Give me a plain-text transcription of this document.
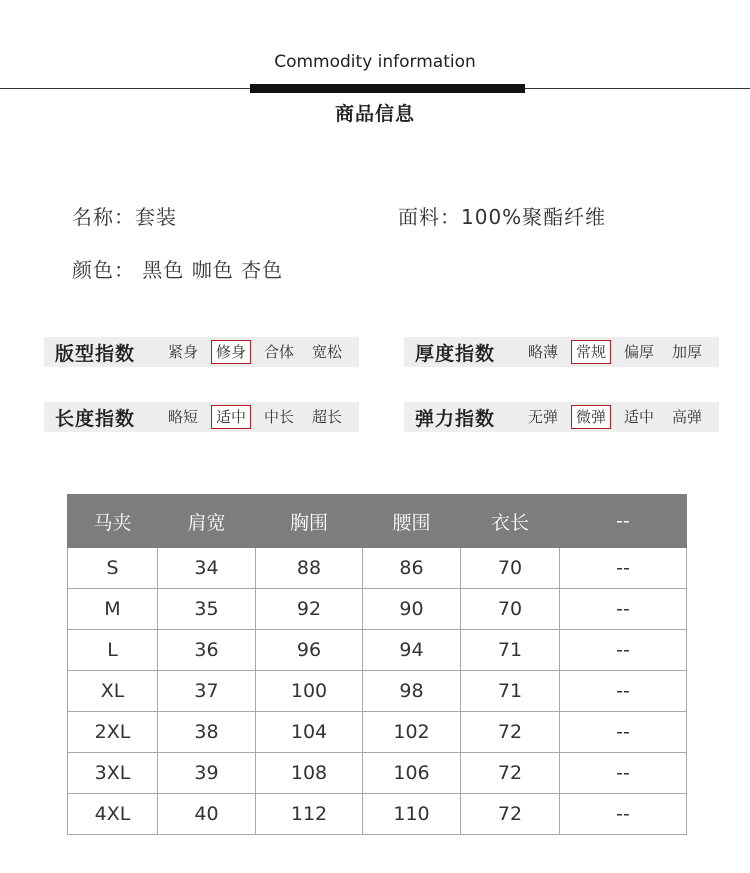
Commodity information
商品信息
名称：套装	面料：100%聚酯纤维
颜色： 黑色 咖色 杏色
版型指数	紧身	修身	合体	宽松	厚度指数	略薄	常规	偏厚	加厚
长度指数	略短	适中	中长	超长	弹力指数	无弹	微弹	适中	高弹
马夹	肩宽	胸围	腰围	衣长	--
S	34	88	86	70	--
M	35	92	90	70	--
L	36	96	94	71	--
XL	37	100	98	71	--
2XL	38	104	102	72	--
3XL	39	108	106	72	--
4XL	40	112	110	72	--
